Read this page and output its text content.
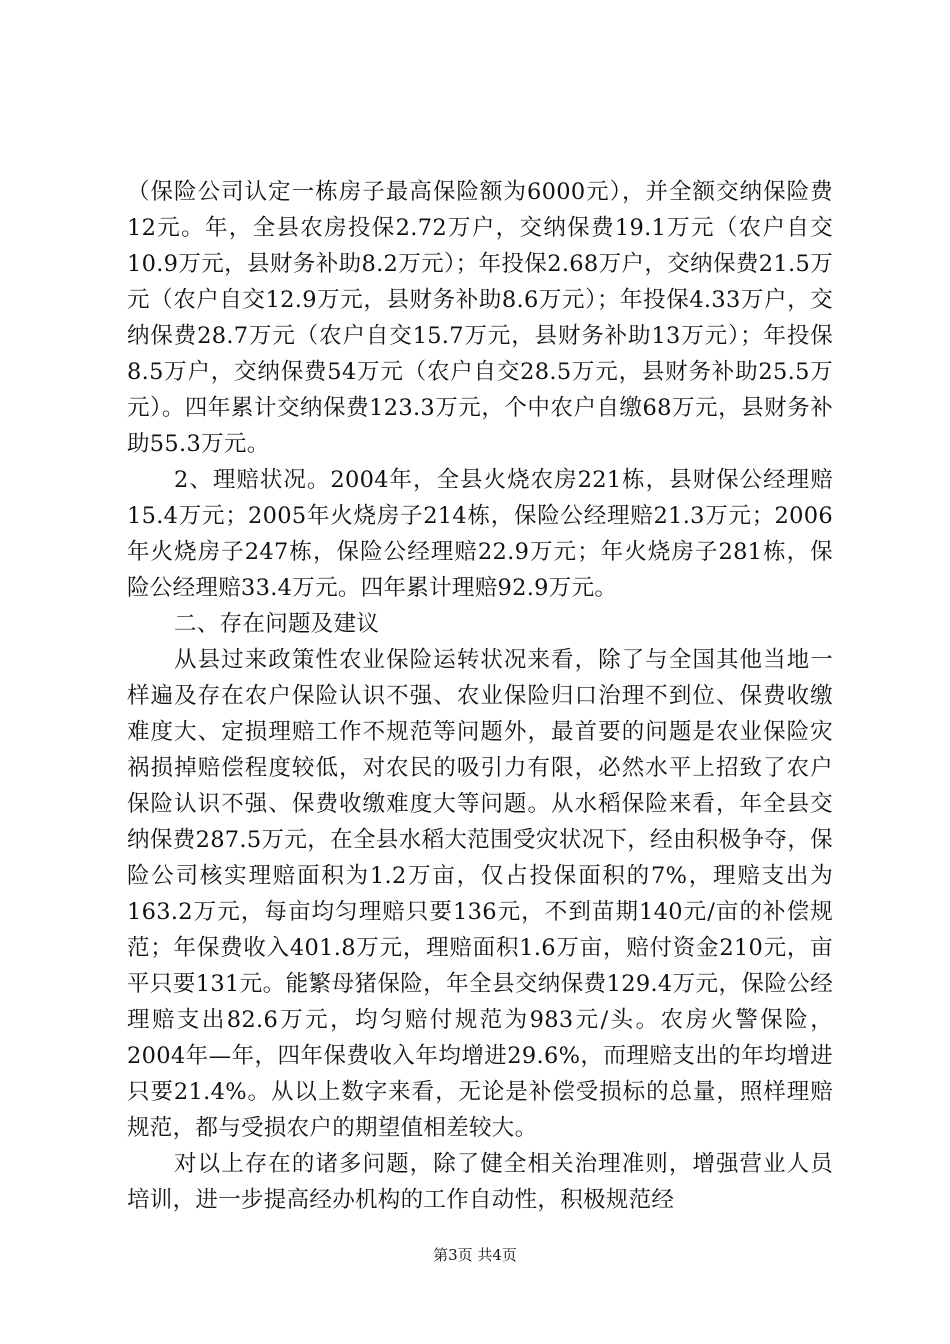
（保险公司认定一栋房子最高保险额为6000元），并全额交纳保险费12元。年，全县农房投保2.72万户，交纳保费19.1万元（农户自交10.9万元，县财务补助8.2万元）；年投保2.68万户，交纳保费21.5万元（农户自交12.9万元，县财务补助8.6万元）；年投保4.33万户，交纳保费28.7万元（农户自交15.7万元，县财务补助13万元）；年投保8.5万户，交纳保费54万元（农户自交28.5万元，县财务补助25.5万元）。四年累计交纳保费123.3万元，个中农户自缴68万元，县财务补助55.3万元。

2、理赔状况。2004年，全县火烧农房221栋，县财保公经理赔15.4万元；2005年火烧房子214栋，保险公经理赔21.3万元；2006年火烧房子247栋，保险公经理赔22.9万元；年火烧房子281栋，保险公经理赔33.4万元。四年累计理赔92.9万元。

二、存在问题及建议

从县过来政策性农业保险运转状况来看，除了与全国其他当地一样遍及存在农户保险认识不强、农业保险归口治理不到位、保费收缴难度大、定损理赔工作不规范等问题外，最首要的问题是农业保险灾祸损掉赔偿程度较低，对农民的吸引力有限，必然水平上招致了农户保险认识不强、保费收缴难度大等问题。从水稻保险来看，年全县交纳保费287.5万元，在全县水稻大范围受灾状况下，经由积极争夺，保险公司核实理赔面积为1.2万亩，仅占投保面积的7%，理赔支出为163.2万元，每亩均匀理赔只要136元，不到苗期140元/亩的补偿规范；年保费收入401.8万元，理赔面积1.6万亩，赔付资金210元，亩平只要131元。能繁母猪保险，年全县交纳保费129.4万元，保险公经理赔支出82.6万元，均匀赔付规范为983元/头。农房火警保险，2004年—年，四年保费收入年均增进29.6%，而理赔支出的年均增进只要21.4%。从以上数字来看，无论是补偿受损标的总量，照样理赔规范，都与受损农户的期望值相差较大。

对以上存在的诸多问题，除了健全相关治理准则，增强营业人员培训，进一步提高经办机构的工作自动性，积极规范经

第3页 共4页
